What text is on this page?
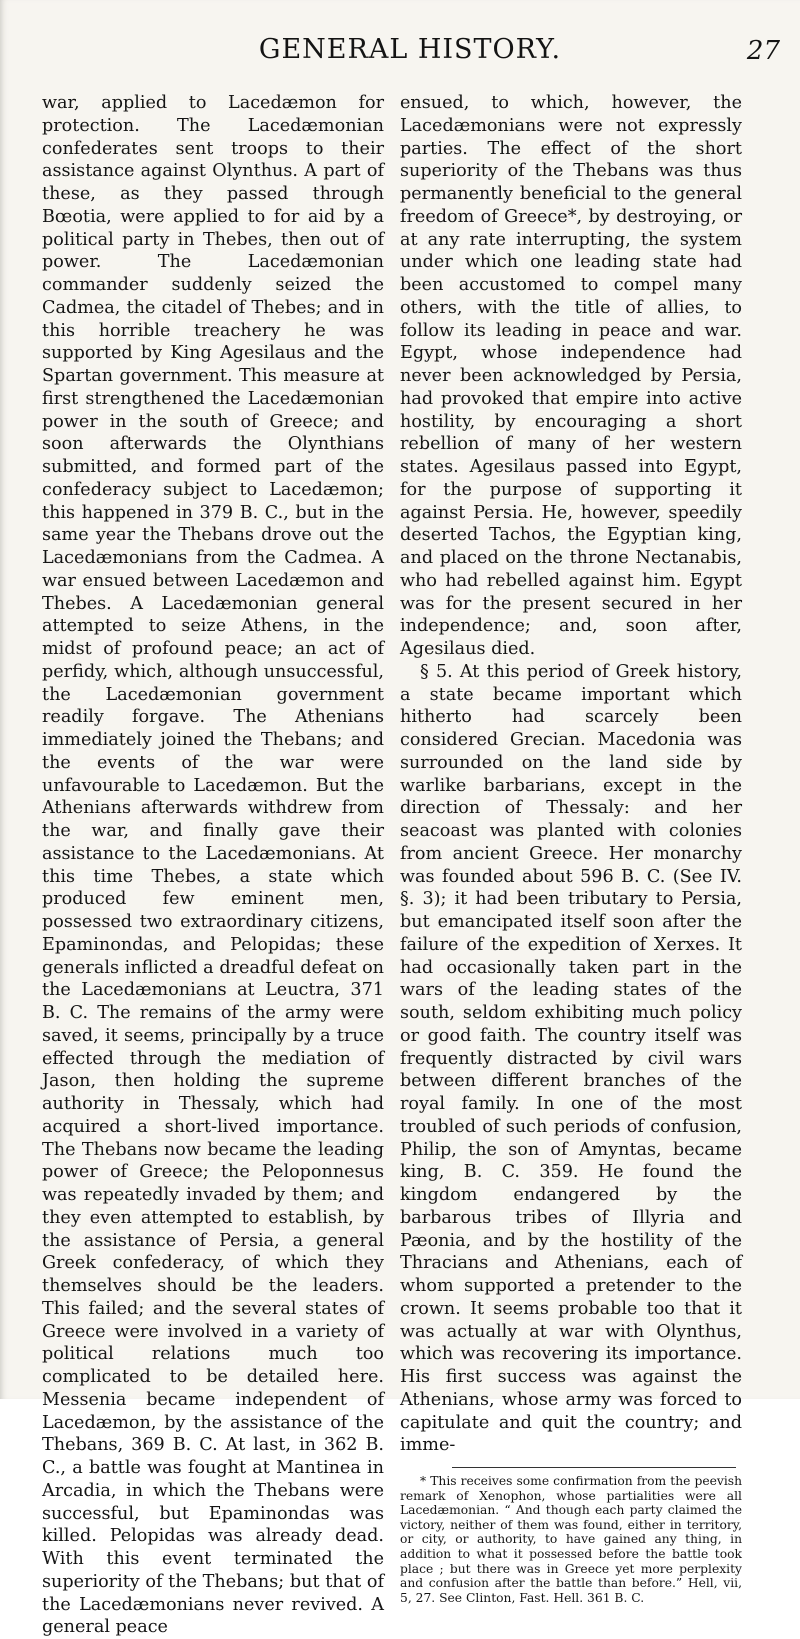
GENERAL HISTORY.	27

war, applied to Lacedæmon for protection. The Lacedæmonian confederates sent troops to their assistance against Olynthus. A part of these, as they passed through Bœotia, were applied to for aid by a political party in Thebes, then out of power. The Lacedæmonian commander suddenly seized the Cadmea, the citadel of Thebes; and in this horrible treachery he was supported by King Agesilaus and the Spartan government. This measure at first strengthened the Lacedæmonian power in the south of Greece; and soon afterwards the Olynthians submitted, and formed part of the confederacy subject to Lacedæmon; this happened in 379 B. C., but in the same year the Thebans drove out the Lacedæmonians from the Cadmea. A war ensued between Lacedæmon and Thebes. A Lacedæmonian general attempted to seize Athens, in the midst of profound peace; an act of perfidy, which, although unsuccessful, the Lacedæmonian government readily forgave. The Athenians immediately joined the Thebans; and the events of the war were unfavourable to Lacedæmon. But the Athenians afterwards withdrew from the war, and finally gave their assistance to the Lacedæmonians. At this time Thebes, a state which produced few eminent men, possessed two extraordinary citizens, Epaminondas, and Pelopidas; these generals inflicted a dreadful defeat on the Lacedæmonians at Leuctra, 371 B. C. The remains of the army were saved, it seems, principally by a truce effected through the mediation of Jason, then holding the supreme authority in Thessaly, which had acquired a short-lived importance. The Thebans now became the leading power of Greece; the Peloponnesus was repeatedly invaded by them; and they even attempted to establish, by the assistance of Persia, a general Greek confederacy, of which they themselves should be the leaders. This failed; and the several states of Greece were involved in a variety of political relations much too complicated to be detailed here. Messenia became independent of Lacedæmon, by the assistance of the Thebans, 369 B. C. At last, in 362 B. C., a battle was fought at Mantinea in Arcadia, in which the Thebans were successful, but Epaminondas was killed. Pelopidas was already dead. With this event terminated the superiority of the Thebans; but that of the Lacedæmonians never revived. A general peace

ensued, to which, however, the Lacedæmonians were not expressly parties. The effect of the short superiority of the Thebans was thus permanently beneficial to the general freedom of Greece*, by destroying, or at any rate interrupting, the system under which one leading state had been accustomed to compel many others, with the title of allies, to follow its leading in peace and war. Egypt, whose independence had never been acknowledged by Persia, had provoked that empire into active hostility, by encouraging a short rebellion of many of her western states. Agesilaus passed into Egypt, for the purpose of supporting it against Persia. He, however, speedily deserted Tachos, the Egyptian king, and placed on the throne Nectanabis, who had rebelled against him. Egypt was for the present secured in her independence; and, soon after, Agesilaus died.

§ 5. At this period of Greek history, a state became important which hitherto had scarcely been considered Grecian. Macedonia was surrounded on the land side by warlike barbarians, except in the direction of Thessaly: and her seacoast was planted with colonies from ancient Greece. Her monarchy was founded about 596 B. C. (See IV. §. 3); it had been tributary to Persia, but emancipated itself soon after the failure of the expedition of Xerxes. It had occasionally taken part in the wars of the leading states of the south, seldom exhibiting much policy or good faith. The country itself was frequently distracted by civil wars between different branches of the royal family. In one of the most troubled of such periods of confusion, Philip, the son of Amyntas, became king, B. C. 359. He found the kingdom endangered by the barbarous tribes of Illyria and Pæonia, and by the hostility of the Thracians and Athenians, each of whom supported a pretender to the crown. It seems probable too that it was actually at war with Olynthus, which was recovering its importance. His first success was against the Athenians, whose army was forced to capitulate and quit the country; and imme-

* This receives some confirmation from the peevish remark of Xenophon, whose partialities were all Lacedæmonian. “ And though each party claimed the victory, neither of them was found, either in territory, or city, or authority, to have gained any thing, in addition to what it possessed before the battle took place ; but there was in Greece yet more perplexity and confusion after the battle than before.” Hell, vii, 5, 27. See Clinton, Fast. Hell. 361 B. C.
